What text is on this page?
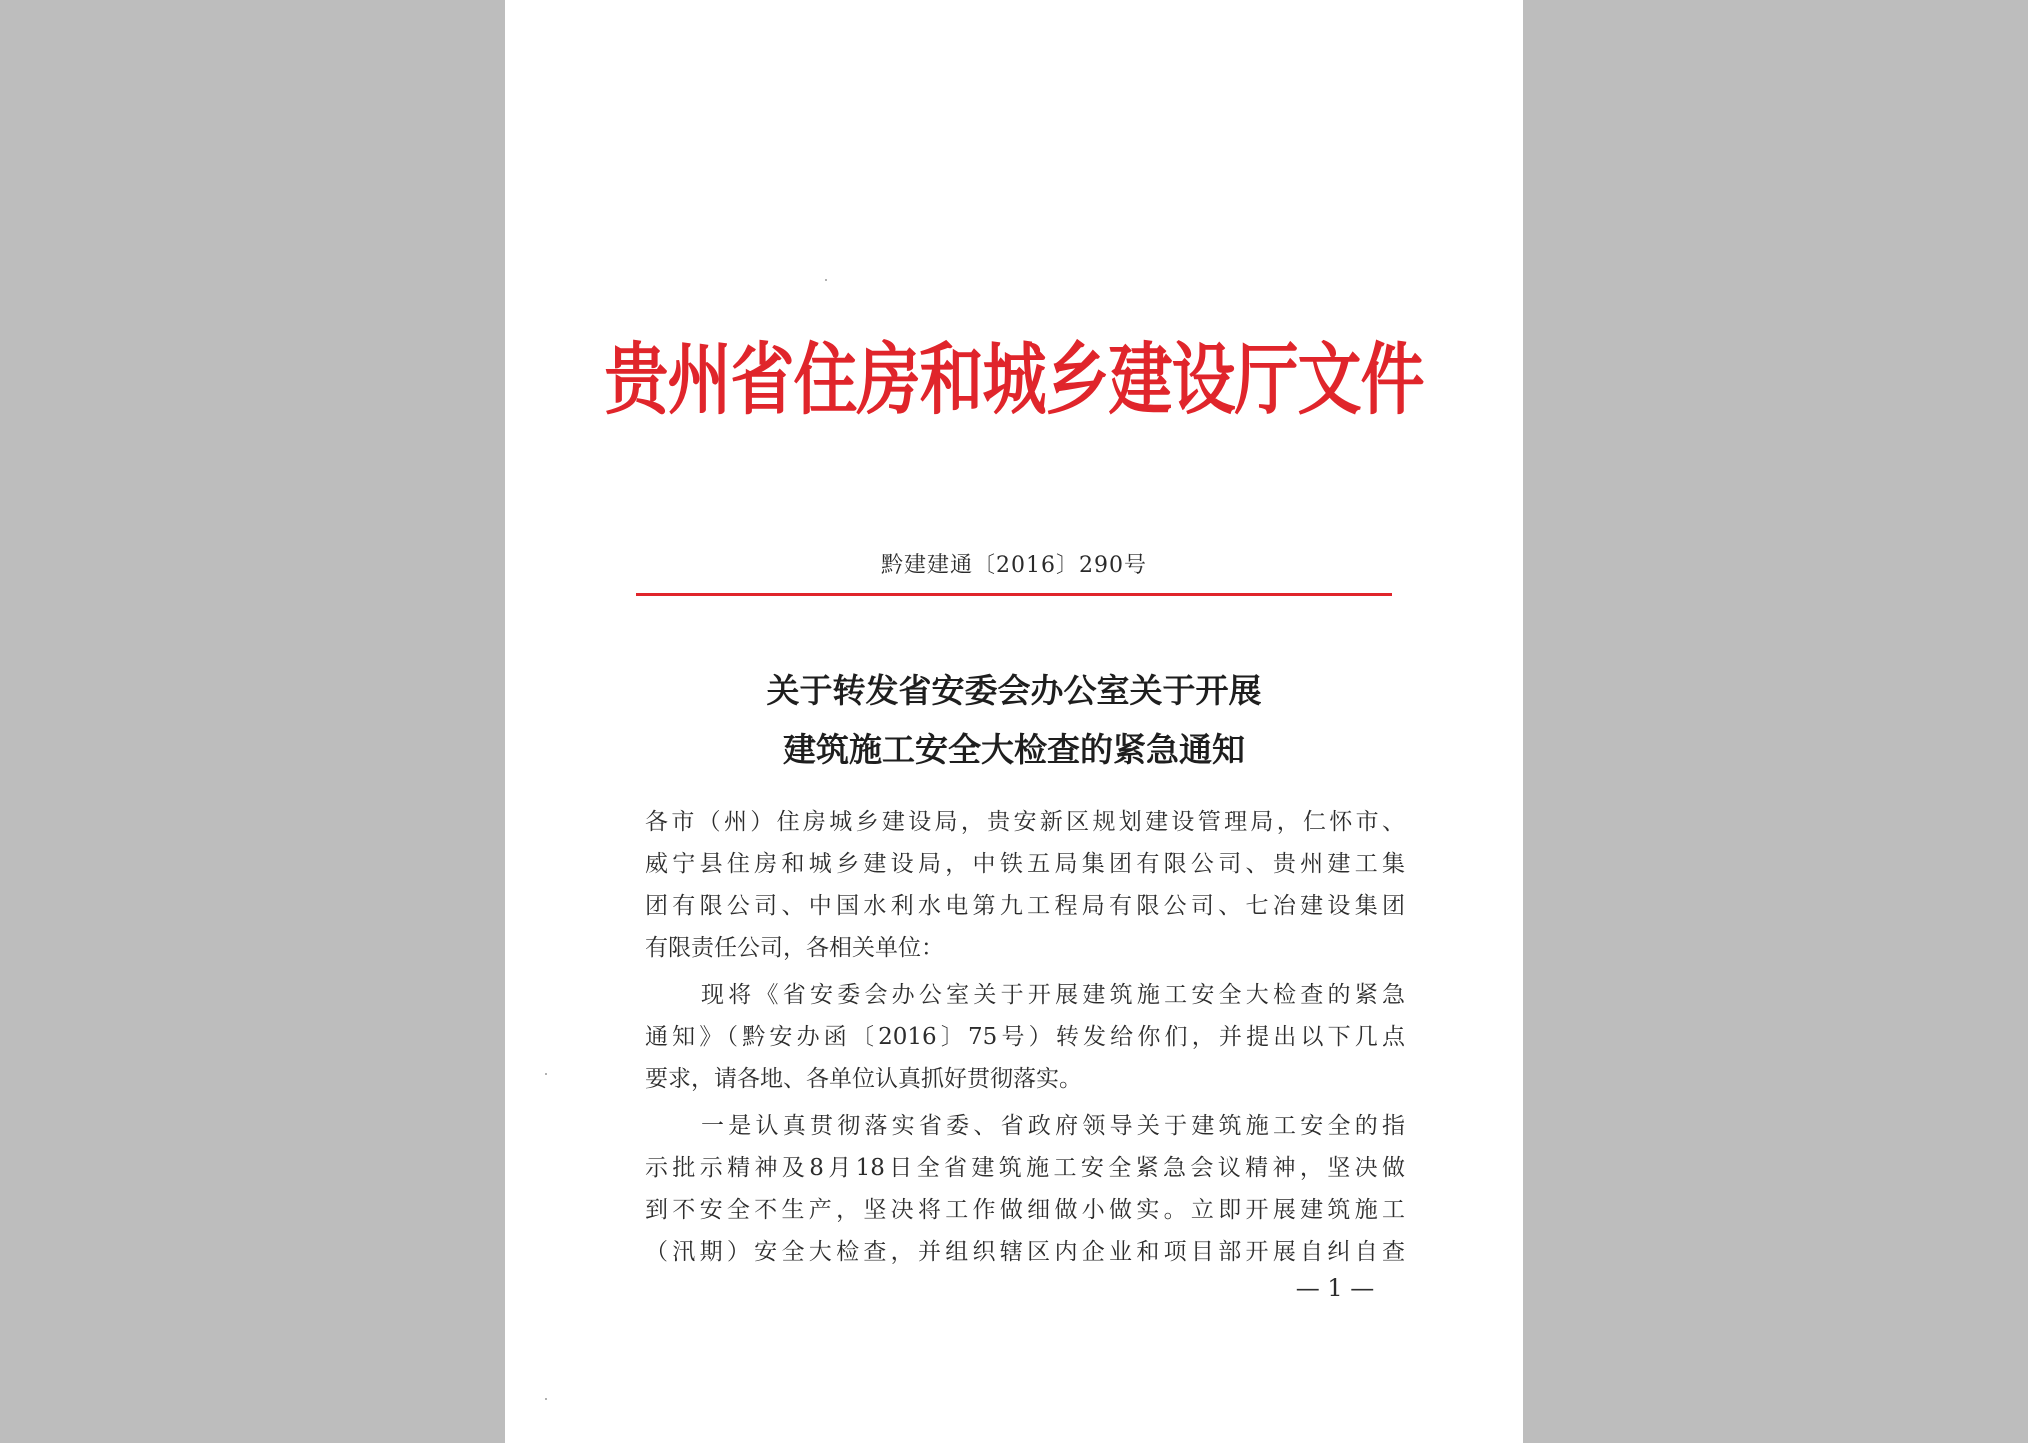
贵州省住房和城乡建设厅文件
黔建建通〔2016〕290号
关于转发省安委会办公室关于开展
建筑施工安全大检查的紧急通知
各市（州）住房城乡建设局，贵安新区规划建设管理局，仁怀市、
威宁县住房和城乡建设局，中铁五局集团有限公司、贵州建工集
团有限公司、中国水利水电第九工程局有限公司、七冶建设集团
有限责任公司，各相关单位：
现将《省安委会办公室关于开展建筑施工安全大检查的紧急
通知》（黔安办函〔2016〕75号）转发给你们，并提出以下几点
要求，请各地、各单位认真抓好贯彻落实。
一是认真贯彻落实省委、省政府领导关于建筑施工安全的指
示批示精神及8月18日全省建筑施工安全紧急会议精神，坚决做
到不安全不生产，坚决将工作做细做小做实。立即开展建筑施工
（汛期）安全大检查，并组织辖区内企业和项目部开展自纠自查
— 1 —
